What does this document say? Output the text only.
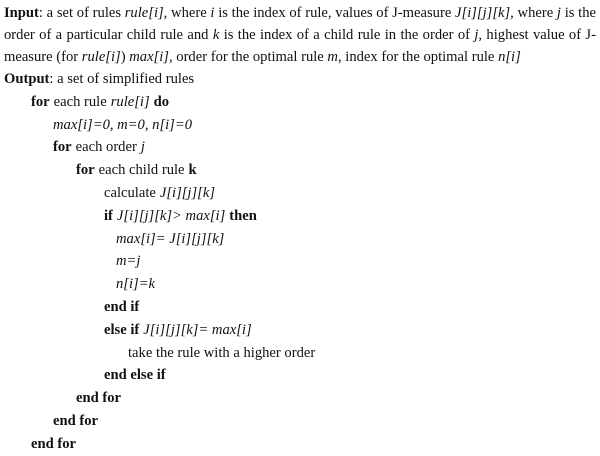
Input: a set of rules rule[i], where i is the index of rule, values of J-measure J[i][j][k], where j is the order of a particular child rule and k is the index of a child rule in the order of j, highest value of J-measure (for rule[i]) max[i], order for the optimal rule m, index for the optimal rule n[i]

Output: a set of simplified rules
for each rule rule[i] do
max[i]=0, m=0, n[i]=0
for each order j
for each child rule k
calculate J[i][j][k]
if J[i][j][k]> max[i] then
max[i]= J[i][j][k]
m=j
n[i]=k
end if
else if J[i][j][k]= max[i]
take the rule with a higher order
end else if
end for
end for
end for
